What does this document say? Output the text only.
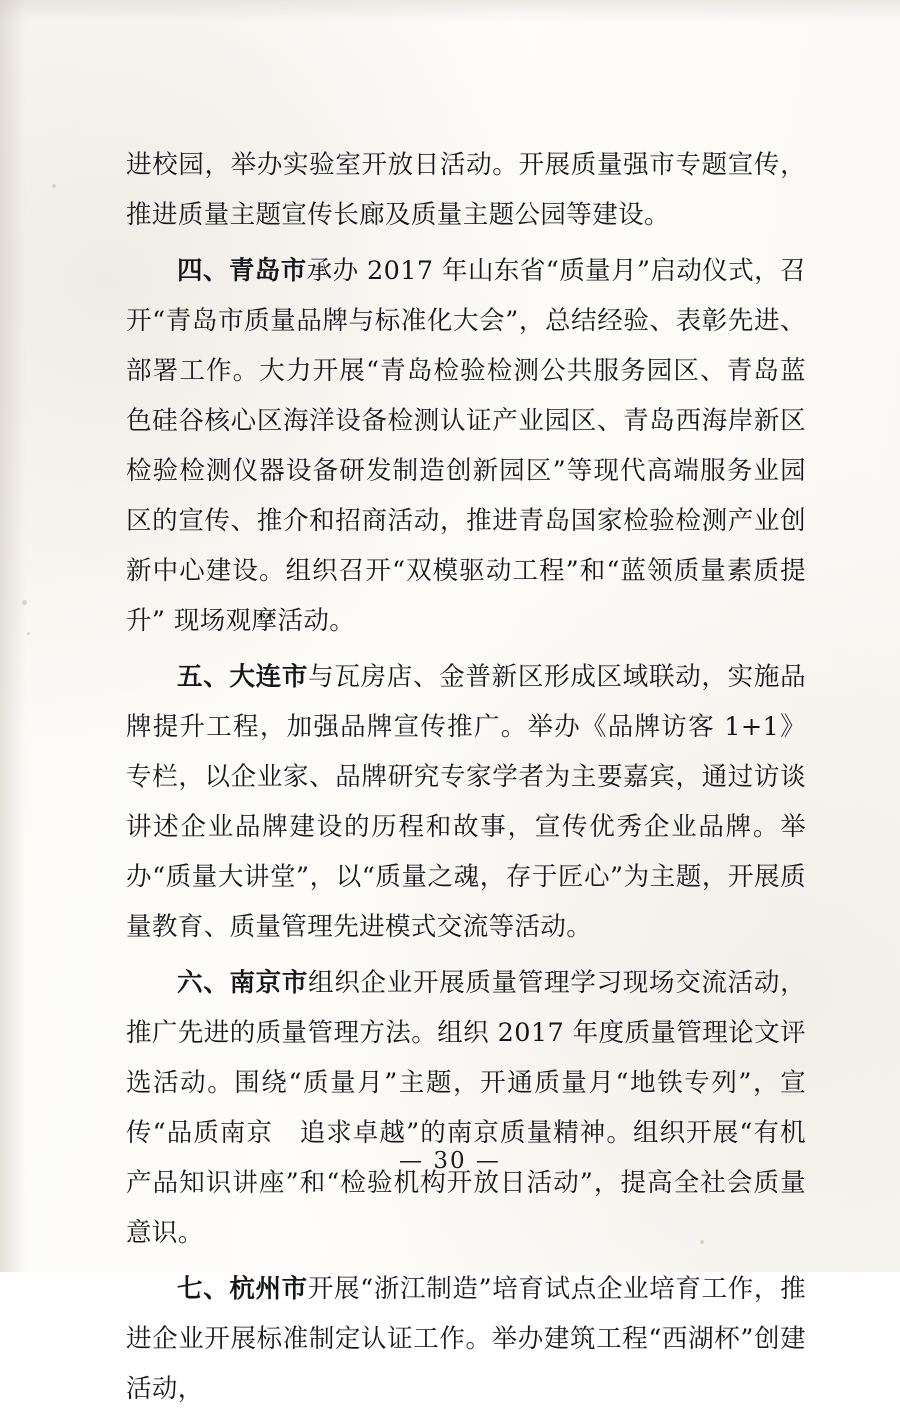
进校园，举办实验室开放日活动。开展质量强市专题宣传，推进质量主题宣传长廊及质量主题公园等建设。

四、青岛市承办 2017 年山东省“质量月”启动仪式，召开“青岛市质量品牌与标准化大会”，总结经验、表彰先进、部署工作。大力开展“青岛检验检测公共服务园区、青岛蓝色硅谷核心区海洋设备检测认证产业园区、青岛西海岸新区检验检测仪器设备研发制造创新园区”等现代高端服务业园区的宣传、推介和招商活动，推进青岛国家检验检测产业创新中心建设。组织召开“双模驱动工程”和“蓝领质量素质提升” 现场观摩活动。

五、大连市与瓦房店、金普新区形成区域联动，实施品牌提升工程，加强品牌宣传推广。举办《品牌访客 1+1》专栏，以企业家、品牌研究专家学者为主要嘉宾，通过访谈讲述企业品牌建设的历程和故事，宣传优秀企业品牌。举办“质量大讲堂”，以“质量之魂，存于匠心”为主题，开展质量教育、质量管理先进模式交流等活动。

六、南京市组织企业开展质量管理学习现场交流活动，推广先进的质量管理方法。组织 2017 年度质量管理论文评选活动。围绕“质量月”主题，开通质量月“地铁专列”，宣传“品质南京　追求卓越”的南京质量精神。组织开展“有机产品知识讲座”和“检验机构开放日活动”，提高全社会质量意识。

七、杭州市开展“浙江制造”培育试点企业培育工作，推进企业开展标准制定认证工作。举办建筑工程“西湖杯”创建活动，

— 30 —
